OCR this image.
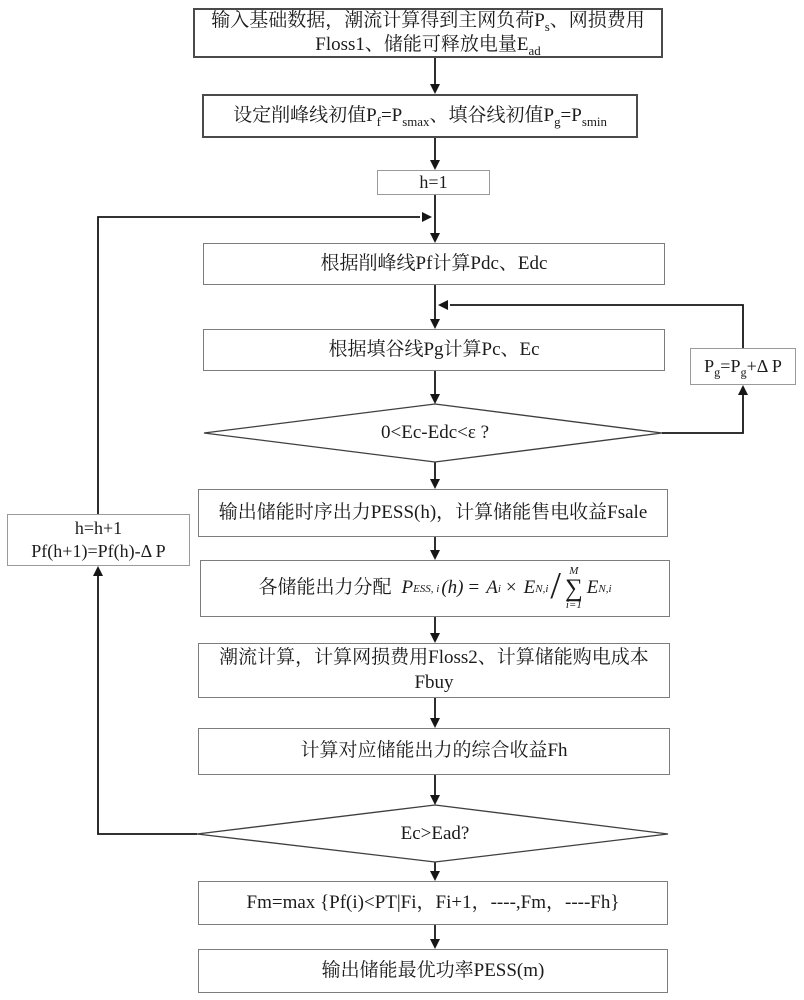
输入基础数据，潮流计算得到主网负荷$P_s$、网损费用
Floss1、储能可释放电量$E_{ad}$
设定削峰线初值$P_f=P_{smax}$、填谷线初值$P_g=P_{smin}$
h=1
根据削峰线Pf计算Pdc、Edc
根据填谷线Pg计算Pc、Ec
$P_g=P_g+\Delta$ P
0<Ec-Edc<ε ?
输出储能时序出力PESS(h)，计算储能售电收益Fsale
各储能出力分配 P ESS, i (h) = A i × E N,i / M
∑
i=1
E N,i
潮流计算，计算网损费用Floss2、计算储能购电成本
Fbuy
计算对应储能出力的综合收益Fh
Ec>Ead?
h=h+1
Pf(h+1)=Pf(h)-Δ P
Fm=max {Pf(i)<PT|Fi，Fi+1，----,Fm，----Fh}
输出储能最优功率PESS(m)
